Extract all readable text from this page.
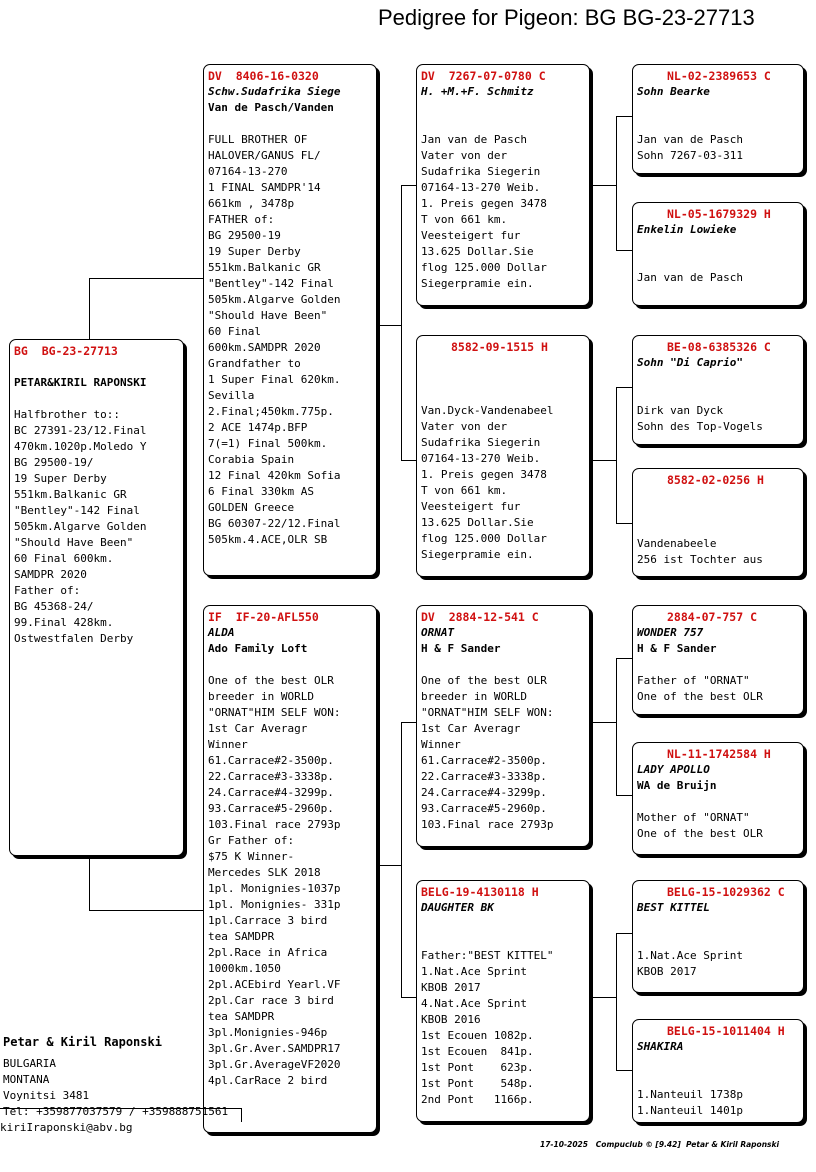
Pedigree for Pigeon: BG BG-23-27713
BG  BG-23-27713
PETAR&KIRIL RAPONSKI
Halfbrother to::
BC 27391-23/12.Final
470km.1020p.Moledo Y
BG 29500-19/
19 Super Derby
551km.Balkanic GR
"Bentley"-142 Final
505km.Algarve Golden
"Should Have Been"
60 Final 600km.
SAMDPR 2020
Father of:
BG 45368-24/
99.Final 428km.
Ostwestfalen Derby
DV  8406-16-0320
Schw.Sudafrika Siege
Van de Pasch/Vanden
FULL BROTHER OF
HALOVER/GANUS FL/
07164-13-270
1 FINAL SAMDPR'14
661km , 3478p
FATHER of:
BG 29500-19
19 Super Derby
551km.Balkanic GR
"Bentley"-142 Final
505km.Algarve Golden
"Should Have Been"
60 Final
600km.SAMDPR 2020
Grandfather to
1 Super Final 620km.
Sevilla
2.Final;450km.775p.
2 ACE 1474p.BFP
7(=1) Final 500km.
Corabia Spain
12 Final 420km Sofia
6 Final 330km AS
GOLDEN Greece
BG 60307-22/12.Final
505km.4.ACE,OLR SB
IF  IF-20-AFL550
ALDA
Ado Family Loft
One of the best OLR
breeder in WORLD
"ORNAT"HIM SELF WON:
1st Car Averagr
Winner
61.Carrace#2-3500p.
22.Carrace#3-3338p.
24.Carrace#4-3299p.
93.Carrace#5-2960p.
103.Final race 2793p
Gr Father of:
$75 K Winner-
Mercedes SLK 2018
1pl. Monignies-1037p
1pl. Monignies- 331p
1pl.Carrace 3 bird
tea SAMDPR
2pl.Race in Africa
1000km.1050
2pl.ACEbird Yearl.VF
2pl.Car race 3 bird
tea SAMDPR
3pl.Monignies-946p
3pl.Gr.Aver.SAMDPR17
3pl.Gr.AverageVF2020
4pl.CarRace 2 bird
DV  7267-07-0780 C
H. +M.+F. Schmitz
Jan van de Pasch
Vater von der
Sudafrika Siegerin
07164-13-270 Weib.
1. Preis gegen 3478
T von 661 km.
Veesteigert fur
13.625 Dollar.Sie
flog 125.000 Dollar
Siegerpramie ein.
8582-09-1515 H
Van.Dyck-Vandenabeel
Vater von der
Sudafrika Siegerin
07164-13-270 Weib.
1. Preis gegen 3478
T von 661 km.
Veesteigert fur
13.625 Dollar.Sie
flog 125.000 Dollar
Siegerpramie ein.
DV  2884-12-541 C
ORNAT
H & F Sander
One of the best OLR
breeder in WORLD
"ORNAT"HIM SELF WON:
1st Car Averagr
Winner
61.Carrace#2-3500p.
22.Carrace#3-3338p.
24.Carrace#4-3299p.
93.Carrace#5-2960p.
103.Final race 2793p
BELG-19-4130118 H
DAUGHTER BK
Father:"BEST KITTEL"
1.Nat.Ace Sprint
KBOB 2017
4.Nat.Ace Sprint
KBOB 2016
1st Ecouen 1082p.
1st Ecouen  841p.
1st Pont    623p.
1st Pont    548p.
2nd Pont   1166p.
NL-02-2389653 C
Sohn Bearke
Jan van de Pasch
Sohn 7267-03-311
NL-05-1679329 H
Enkelin Lowieke
Jan van de Pasch
BE-08-6385326 C
Sohn "Di Caprio"
Dirk van Dyck
Sohn des Top-Vogels
8582-02-0256 H
Vandenabeele
256 ist Tochter aus
2884-07-757 C
WONDER 757
H & F Sander
Father of "ORNAT"
One of the best OLR
NL-11-1742584 H
LADY APOLLO
WA de Bruijn
Mother of "ORNAT"
One of the best OLR
BELG-15-1029362 C
BEST KITTEL
1.Nat.Ace Sprint
KBOB 2017
BELG-15-1011404 H
SHAKIRA
1.Nanteuil 1738p
1.Nanteuil 1401p
Petar & Kiril Raponski
BULGARIA
MONTANA
Voynitsi 3481
Tel: +359877037579 / +359888751561
kiriIraponski@abv.bg
17-10-2025   Compuclub © [9.42]  Petar & Kiril Raponski
